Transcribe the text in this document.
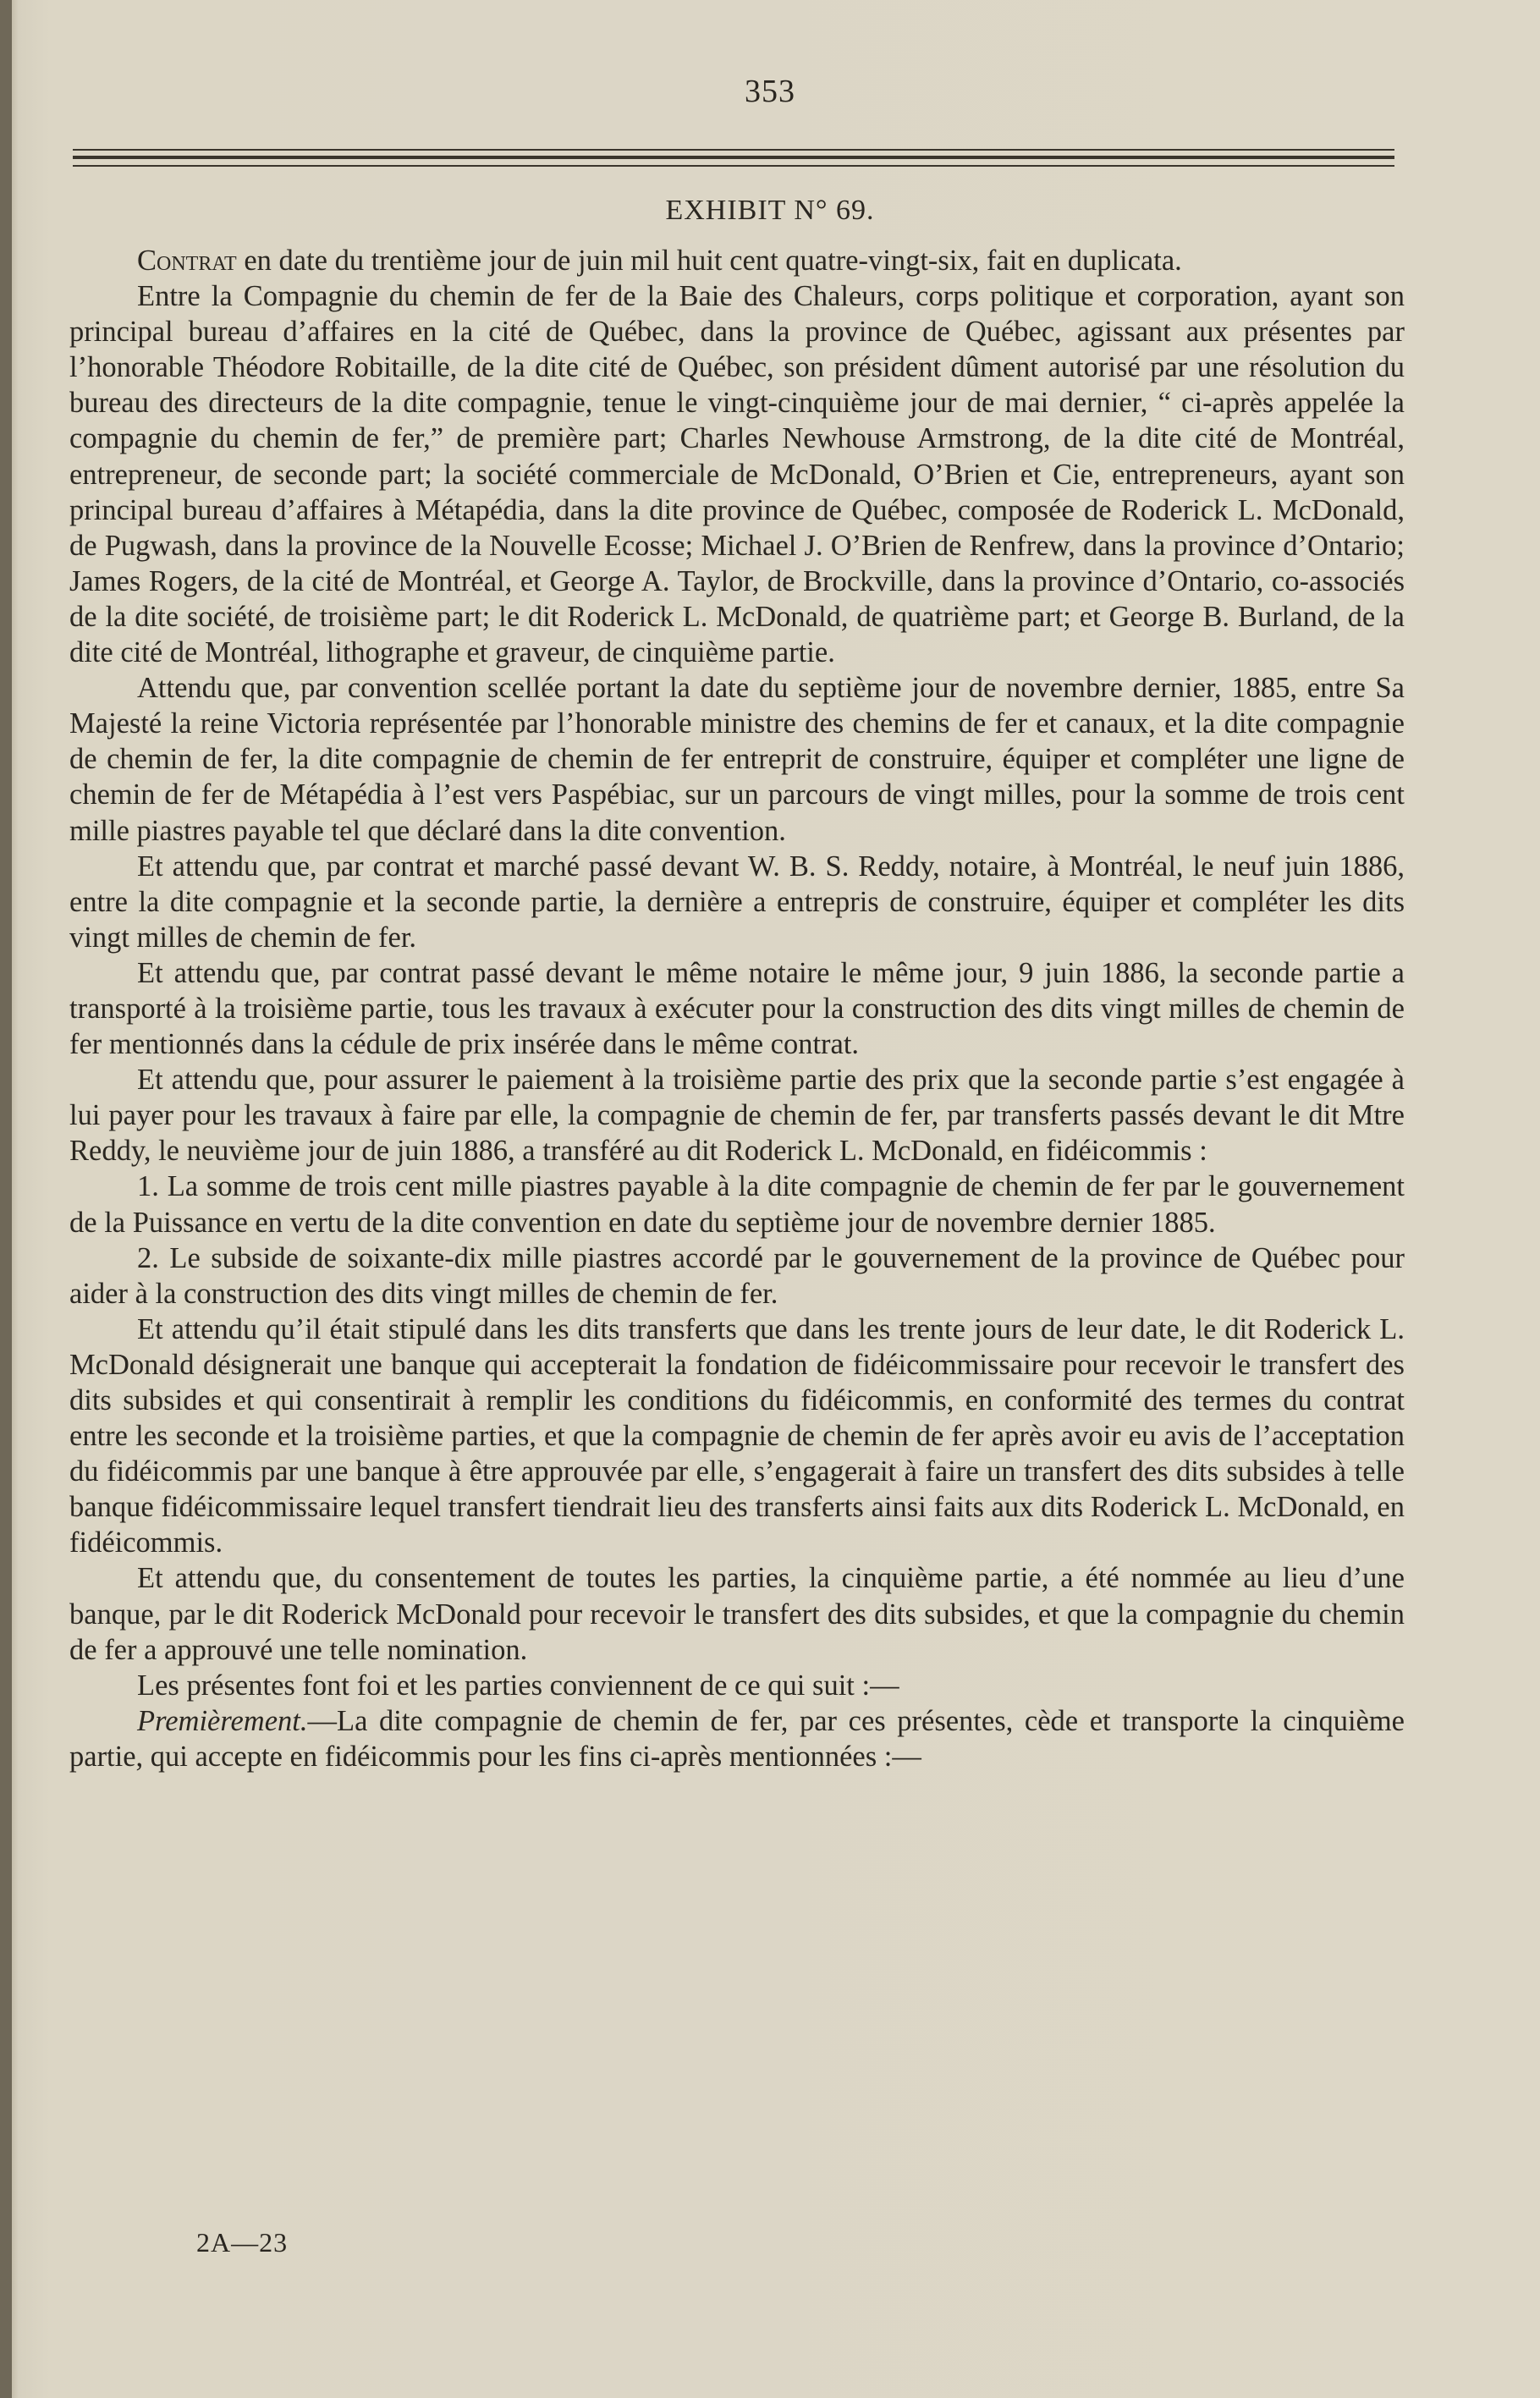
353
EXHIBIT N° 69.

Contrat en date du trentième jour de juin mil huit cent quatre-vingt-six, fait en duplicata.

Entre la Compagnie du chemin de fer de la Baie des Chaleurs, corps politique et corporation, ayant son principal bureau d’affaires en la cité de Québec, dans la province de Québec, agissant aux présentes par l’honorable Théodore Robitaille, de la dite cité de Québec, son président dûment autorisé par une résolution du bureau des directeurs de la dite compagnie, tenue le vingt-cinquième jour de mai dernier, “ ci-après appelée la compagnie du chemin de fer,” de première part; Charles Newhouse Armstrong, de la dite cité de Montréal, entrepreneur, de seconde part; la société commerciale de McDonald, O’Brien et Cie, entrepreneurs, ayant son principal bureau d’affaires à Métapédia, dans la dite province de Québec, composée de Roderick L. McDonald, de Pugwash, dans la province de la Nouvelle Ecosse; Michael J. O’Brien de Renfrew, dans la province d’Ontario; James Rogers, de la cité de Montréal, et George A. Taylor, de Brockville, dans la province d’Ontario, co-associés de la dite société, de troisième part; le dit Roderick L. McDonald, de quatrième part; et George B. Burland, de la dite cité de Montréal, lithographe et graveur, de cinquième partie.

Attendu que, par convention scellée portant la date du septième jour de novembre dernier, 1885, entre Sa Majesté la reine Victoria représentée par l’honorable ministre des chemins de fer et canaux, et la dite compagnie de chemin de fer, la dite compagnie de chemin de fer entreprit de construire, équiper et compléter une ligne de chemin de fer de Métapédia à l’est vers Paspébiac, sur un parcours de vingt milles, pour la somme de trois cent mille piastres payable tel que déclaré dans la dite convention.

Et attendu que, par contrat et marché passé devant W. B. S. Reddy, notaire, à Montréal, le neuf juin 1886, entre la dite compagnie et la seconde partie, la dernière a entrepris de construire, équiper et compléter les dits vingt milles de chemin de fer.

Et attendu que, par contrat passé devant le même notaire le même jour, 9 juin 1886, la seconde partie a transporté à la troisième partie, tous les travaux à exécuter pour la construction des dits vingt milles de chemin de fer mentionnés dans la cédule de prix insérée dans le même contrat.

Et attendu que, pour assurer le paiement à la troisième partie des prix que la seconde partie s’est engagée à lui payer pour les travaux à faire par elle, la compagnie de chemin de fer, par transferts passés devant le dit Mtre Reddy, le neuvième jour de juin 1886, a transféré au dit Roderick L. McDonald, en fidéicommis :

1. La somme de trois cent mille piastres payable à la dite compagnie de chemin de fer par le gouvernement de la Puissance en vertu de la dite convention en date du septième jour de novembre dernier 1885.

2. Le subside de soixante-dix mille piastres accordé par le gouvernement de la province de Québec pour aider à la construction des dits vingt milles de chemin de fer.

Et attendu qu’il était stipulé dans les dits transferts que dans les trente jours de leur date, le dit Roderick L. McDonald désignerait une banque qui accepterait la fondation de fidéicommissaire pour recevoir le transfert des dits subsides et qui consentirait à remplir les conditions du fidéicommis, en conformité des termes du contrat entre les seconde et la troisième parties, et que la compagnie de chemin de fer après avoir eu avis de l’acceptation du fidéicommis par une banque à être approuvée par elle, s’engagerait à faire un transfert des dits subsides à telle banque fidéicommissaire lequel transfert tiendrait lieu des transferts ainsi faits aux dits Roderick L. McDonald, en fidéicommis.

Et attendu que, du consentement de toutes les parties, la cinquième partie, a été nommée au lieu d’une banque, par le dit Roderick McDonald pour recevoir le transfert des dits subsides, et que la compagnie du chemin de fer a approuvé une telle nomination.

Les présentes font foi et les parties conviennent de ce qui suit :—

Premièrement.—La dite compagnie de chemin de fer, par ces présentes, cède et transporte la cinquième partie, qui accepte en fidéicommis pour les fins ci-après mentionnées :—

2A—23
